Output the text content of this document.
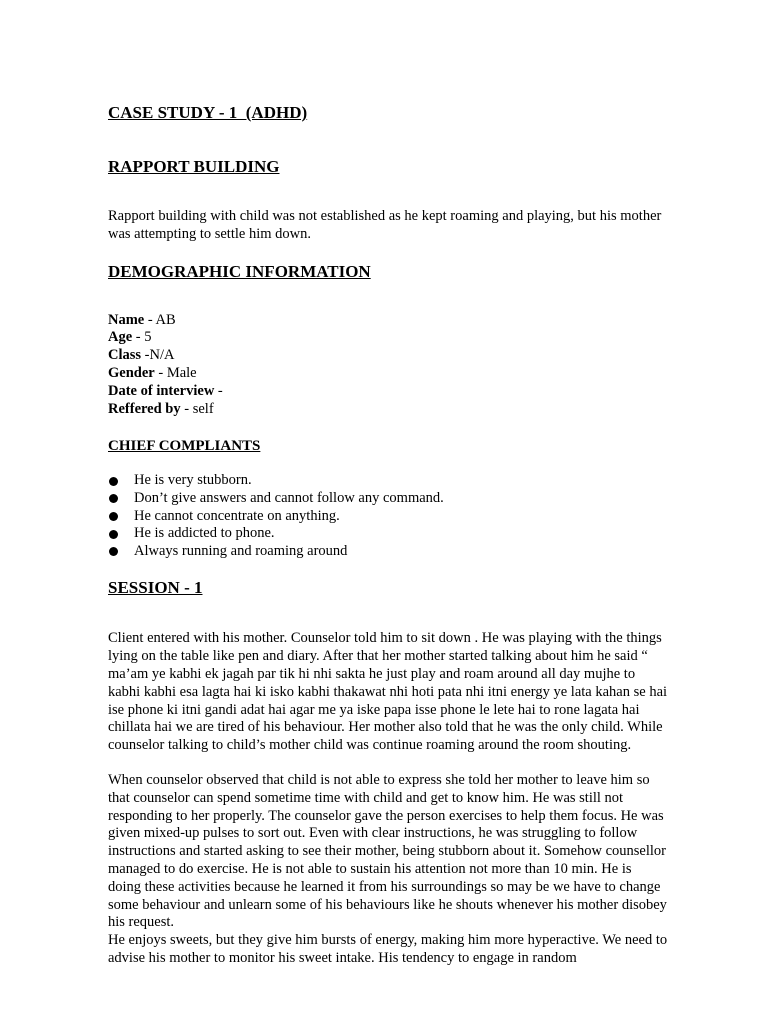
CASE STUDY - 1  (ADHD)
RAPPORT BUILDING

Rapport building with child was not established as he kept roaming and playing, but his mother was attempting to settle him down.

DEMOGRAPHIC INFORMATION
Name - AB
Age - 5
Class -N/A
Gender - Male
Date of interview -
Reffered by - self
CHIEF COMPLIANTS
He is very stubborn.
Don’t give answers and cannot follow any command.
He cannot concentrate on anything.
He is addicted to phone.
Always running and roaming around
SESSION - 1

Client entered with his mother. Counselor told him to sit down . He was playing with the things lying on the table like pen and diary. After that her mother started talking about him he said “ ma’am ye kabhi ek jagah par tik hi nhi sakta he just play and roam around all day mujhe to kabhi kabhi esa lagta hai ki isko kabhi thakawat nhi hoti pata nhi itni energy ye lata kahan se hai ise phone ki itni gandi adat hai agar me ya iske papa isse phone le lete hai to rone lagata hai chillata hai we are tired of his behaviour. Her mother also told that he was the only child. While counselor talking to child’s mother child was continue roaming around the room shouting.

When counselor observed that child is not able to express she told her mother to leave him so that counselor can spend sometime time with child and get to know him. He was still not responding to her properly. The counselor gave the person exercises to help them focus. He was given mixed-up pulses to sort out. Even with clear instructions, he was struggling to follow instructions and started asking to see their mother, being stubborn about it. Somehow counsellor managed to do exercise. He is not able to sustain his attention not more than 10 min. He is doing these activities because he learned it from his surroundings so may be we have to change some behaviour and unlearn some of his behaviours like he shouts whenever his mother disobey his request.

He enjoys sweets, but they give him bursts of energy, making him more hyperactive. We need to advise his mother to monitor his sweet intake. His tendency to engage in random
